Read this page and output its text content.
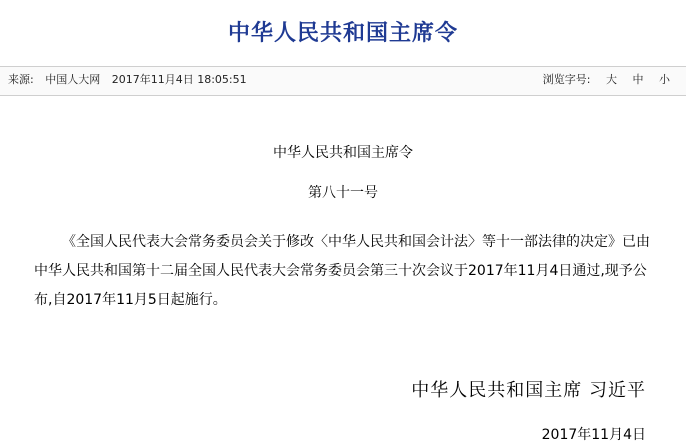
中华人民共和国主席令
来源: 中国人大网 2017年11月4日 18:05:51	浏览字号: 大 中 小
中华人民共和国主席令
第八十一号
《全国人民代表大会常务委员会关于修改〈中华人民共和国会计法〉等十一部法律的决定》已由中华人民共和国第十二届全国人民代表大会常务委员会第三十次会议于2017年11月4日通过,现予公布,自2017年11月5日起施行。
中华人民共和国主席 习近平
2017年11月4日
